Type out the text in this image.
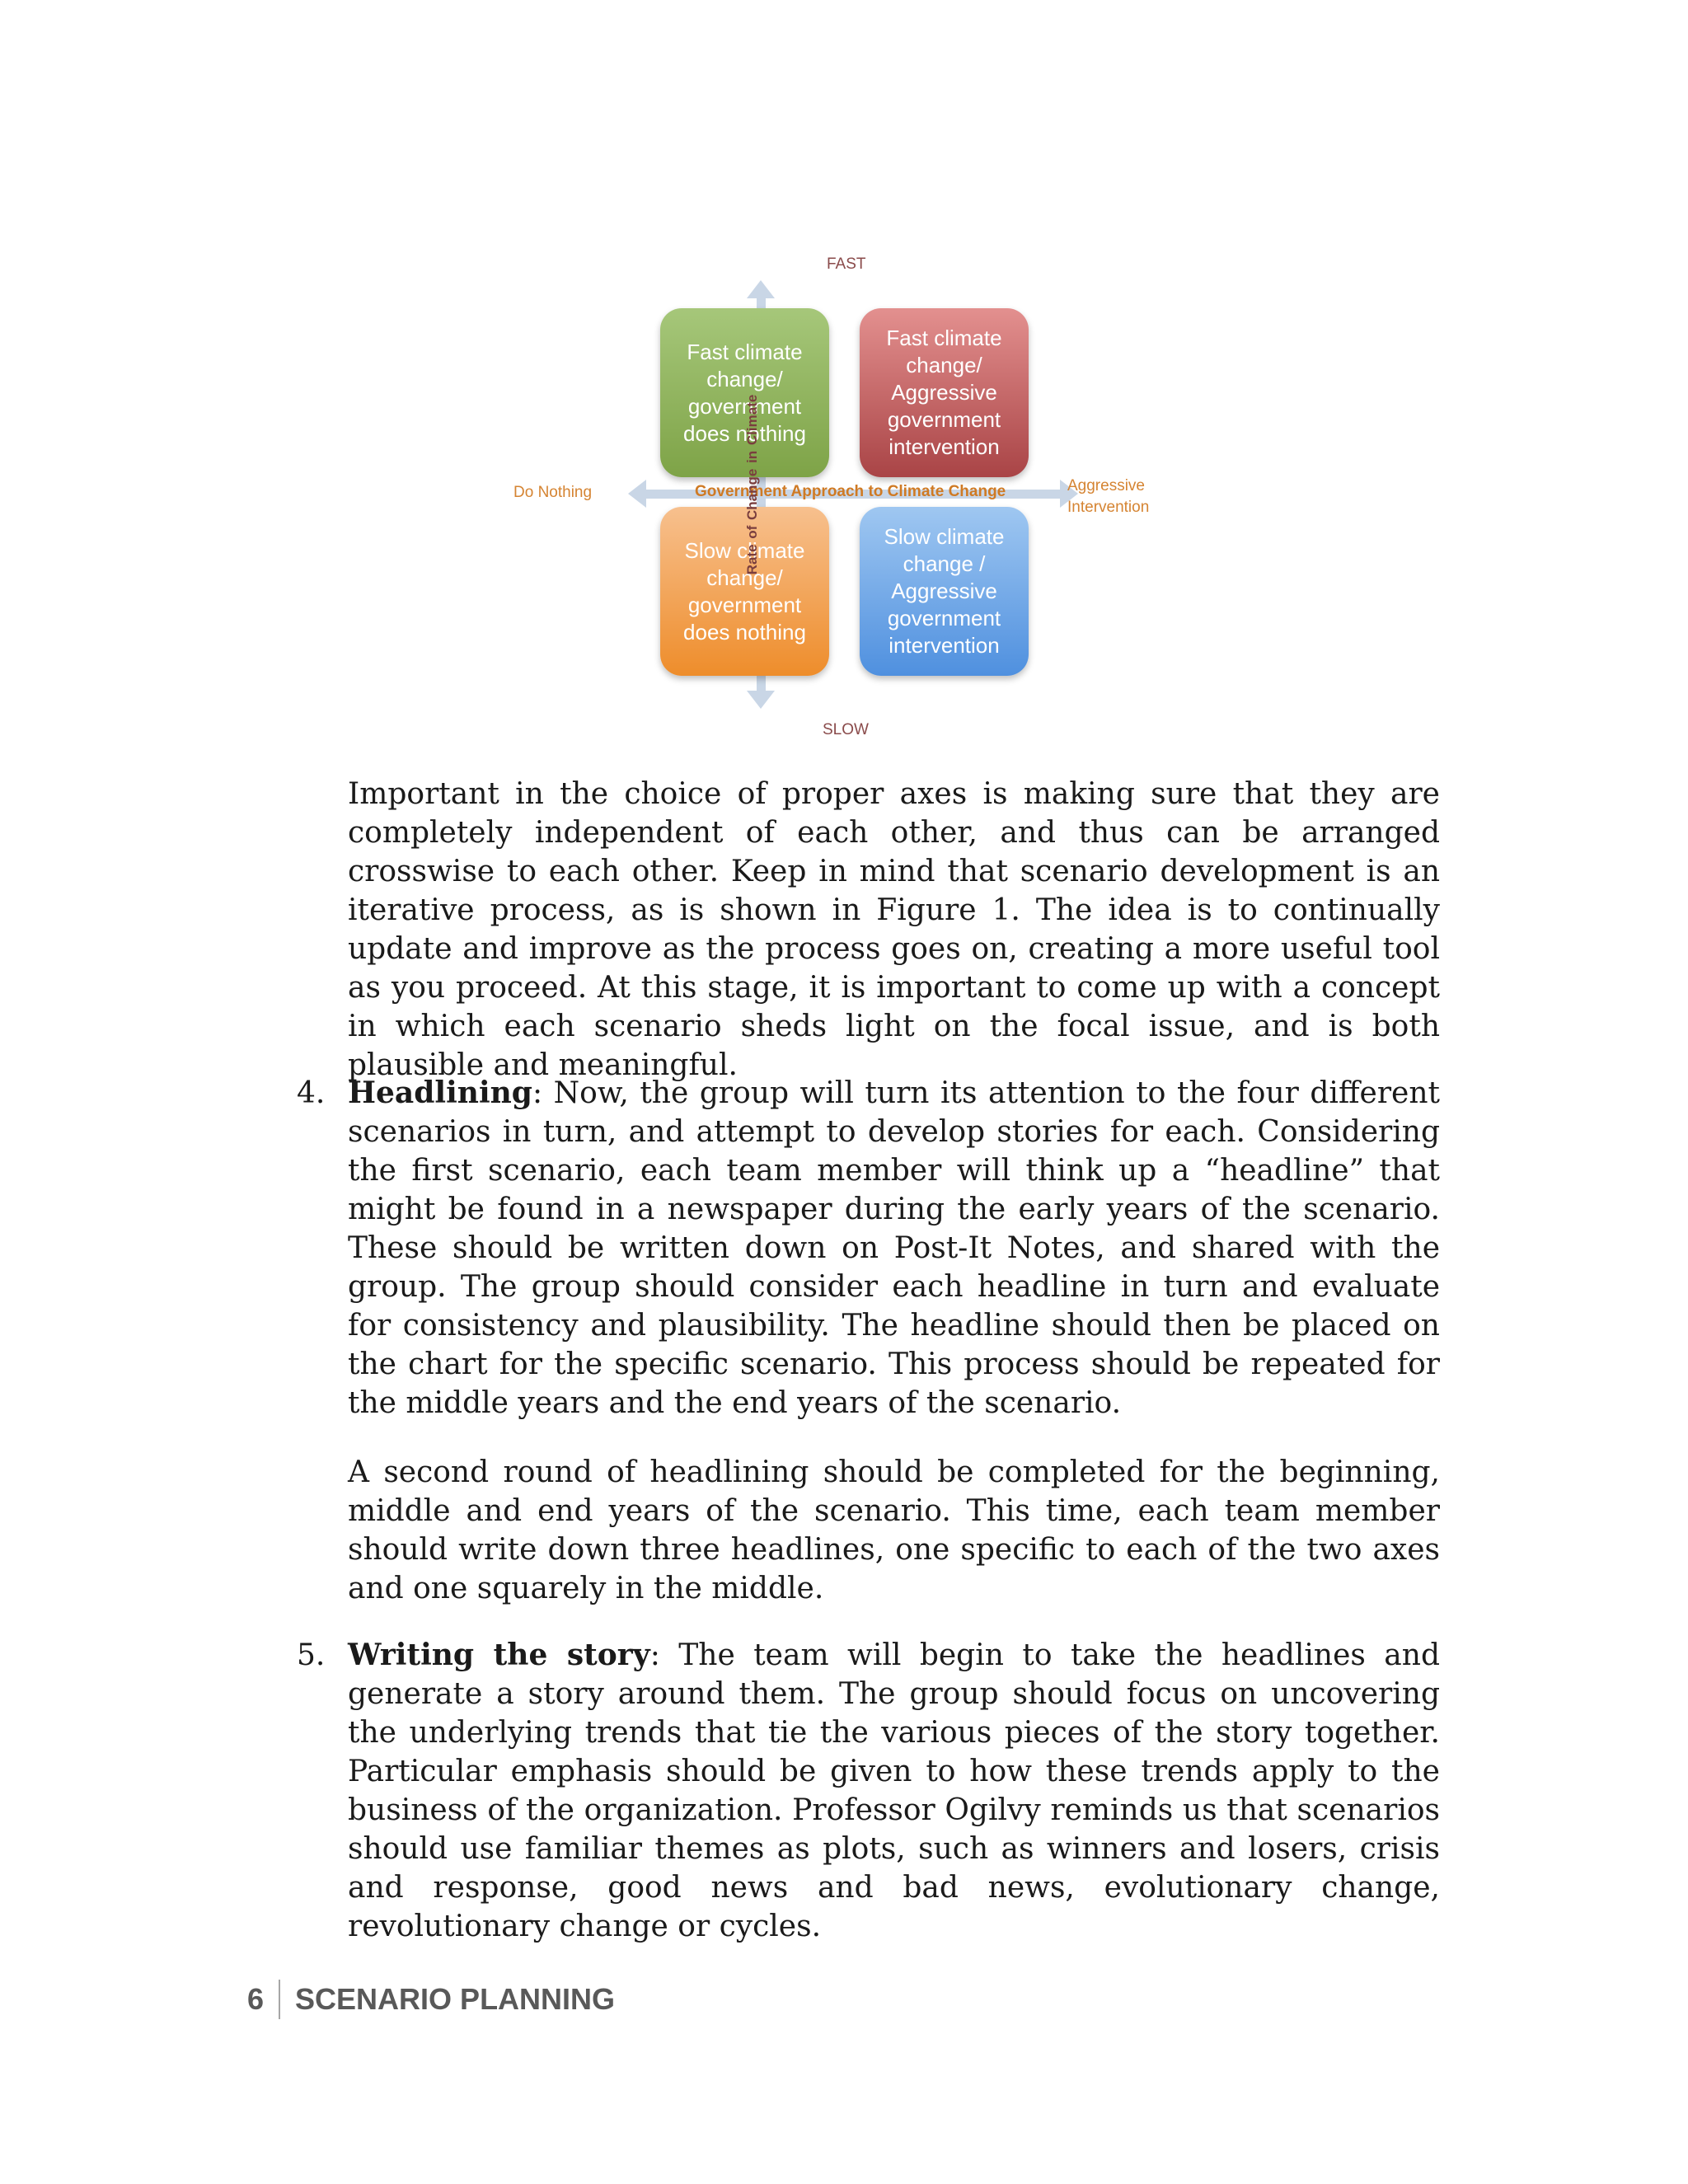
FAST
SLOW
Do Nothing	Aggressive Intervention
Fast climate change/ government does nothing
Fast climate change/ Aggressive government intervention
Slow climate change/ government does nothing
Slow climate change / Aggressive government intervention
Government Approach to Climate Change
Rate of Change in Climate

Important in the choice of proper axes is making sure that they are completely independent of each other, and thus can be arranged crosswise to each other. Keep in mind that scenario development is an iterative process, as is shown in Figure 1. The idea is to continually update and improve as the process goes on, creating a more useful tool as you proceed. At this stage, it is important to come up with a concept in which each scenario sheds light on the focal issue, and is both plausible and meaningful.

4. Headlining: Now, the group will turn its attention to the four different scenarios in turn, and attempt to develop stories for each. Considering the first scenario, each team member will think up a “headline” that might be found in a newspaper during the early years of the scenario. These should be written down on Post-It Notes, and shared with the group. The group should consider each headline in turn and evaluate for consistency and plausibility. The headline should then be placed on the chart for the specific scenario. This process should be repeated for the middle years and the end years of the scenario.

A second round of headlining should be completed for the beginning, middle and end years of the scenario. This time, each team member should write down three headlines, one specific to each of the two axes and one squarely in the middle.

5. Writing the story: The team will begin to take the headlines and generate a story around them. The group should focus on uncovering the underlying trends that tie the various pieces of the story together. Particular emphasis should be given to how these trends apply to the business of the organization. Professor Ogilvy reminds us that scenarios should use familiar themes as plots, such as winners and losers, crisis and response, good news and bad news, evolutionary change, revolutionary change or cycles.

6	SCENARIO PLANNING
